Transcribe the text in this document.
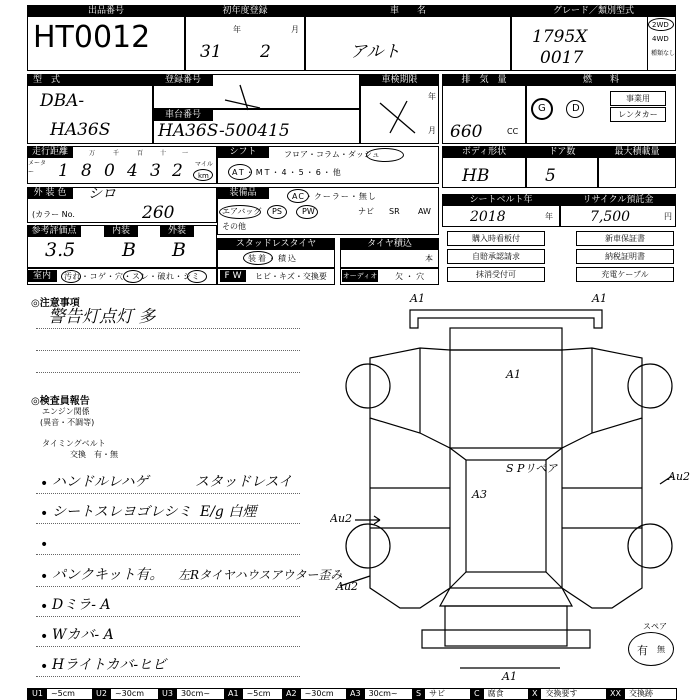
出品番号
HT0012
初年度登録
年	月
31 2
車　　名
アルト
グレード／類別型式
1795X
0017
2WD
4WD
種類なし
型　式
DBA-
HA36S
登録番号
車台番号
HA36S-500415
車検期限
年
月
排　気　量
660	CC
燃　　料
G	D
事業用
レンタカー
走行距離
メーター
万	千	百	十	一
1 8 0 4 3 2 マイル
km
シフト	フロア・コラム・ダッシュ
AT・MT・4・5・6・他
ボディ形状
HB
ドア数
5
最大積載量
外 装 色	シロ
(カラー No.	260
装備品	AC・クーラー・無し
エアバッグ PS	PW	ナビ SR AW
その他
シートベルト年
2018	年
リサイクル預託金
7,500	円
参考評価点
3.5
内装
B
外装
B	スタッドレスタイヤ
装着・積込
タイヤ積込
本
購入時看板付	新車保証書
自賠承認請求	納税証明書
抹消受付可	充電ケーブル
室内	汚れ・コゲ・穴・スレ・破れ・シミ	F W	ヒビ・キズ・交換要 オーディオ 欠 ・ 穴
◎注意事項
警告灯点灯 多
◎検査員報告
エンジン関係
(異音・不調等)
タイミングベルト
交換　有・無
• ハンドルレハゲ	スタッドレスイ
• シートスレヨゴレシミ E/g 白煙
•
• パンクキット有。 左Rタイヤハウスアウター歪み
• Dミラ- A
• Wカバ- A
• Hライトカバ-ヒビ
A1	A1
A1
S Pリペア
A3
Au2
Au2
Au2
A1
スペア
有 無
U1 ~5cm	U2 ~30cm	U3 30cm~	A1 ~5cm	A2 ~30cm	A3 30cm~	S サビ	C 腐食	X 交換要す	XX 交換跡
